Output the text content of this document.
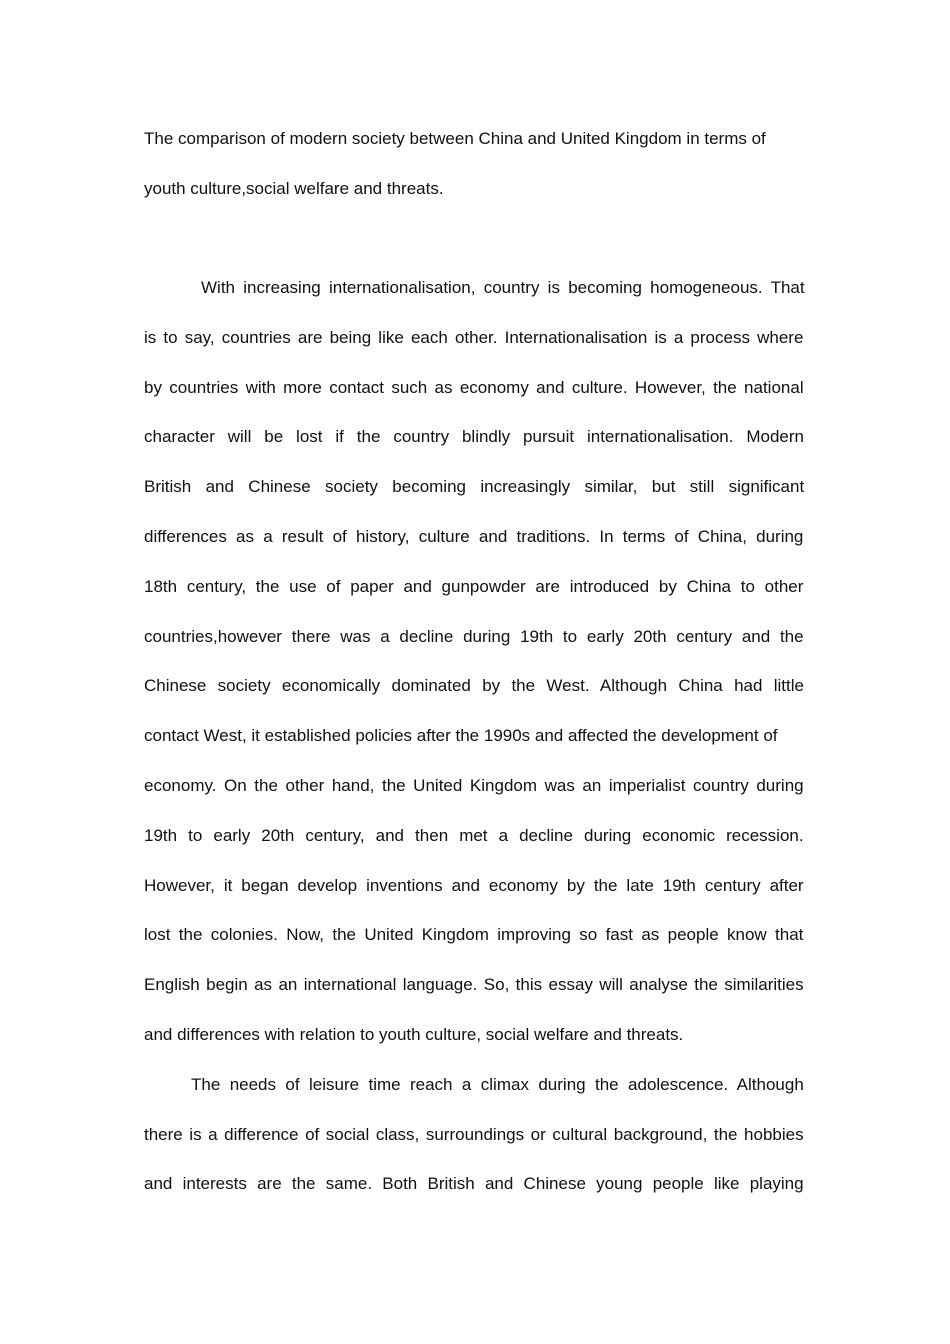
The comparison of modern society between China and United Kingdom in terms of
youth culture,social welfare and threats.
With increasing internationalisation, country is becoming homogeneous. That
is to say, countries are being like each other. Internationalisation is a process where
by countries with more contact such as economy and culture. However, the national
character will be lost if the country blindly pursuit internationalisation. Modern
British and Chinese society becoming increasingly similar, but still significant
differences as a result of history, culture and traditions. In terms of China, during
18th century, the use of paper and gunpowder are introduced by China to other
countries,however there was a decline during 19th to early 20th century and the
Chinese society economically dominated by the West. Although China had little
contact West, it established policies after the 1990s and affected the development of
economy. On the other hand, the United Kingdom was an imperialist country during
19th to early 20th century, and then met a decline during economic recession.
However, it began develop inventions and economy by the late 19th century after
lost the colonies. Now, the United Kingdom improving so fast as people know that
English begin as an international language. So, this essay will analyse the similarities
and differences with relation to youth culture, social welfare and threats.
The needs of leisure time reach a climax during the adolescence. Although
there is a difference of social class, surroundings or cultural background, the hobbies
and interests are the same. Both British and Chinese young people like playing
